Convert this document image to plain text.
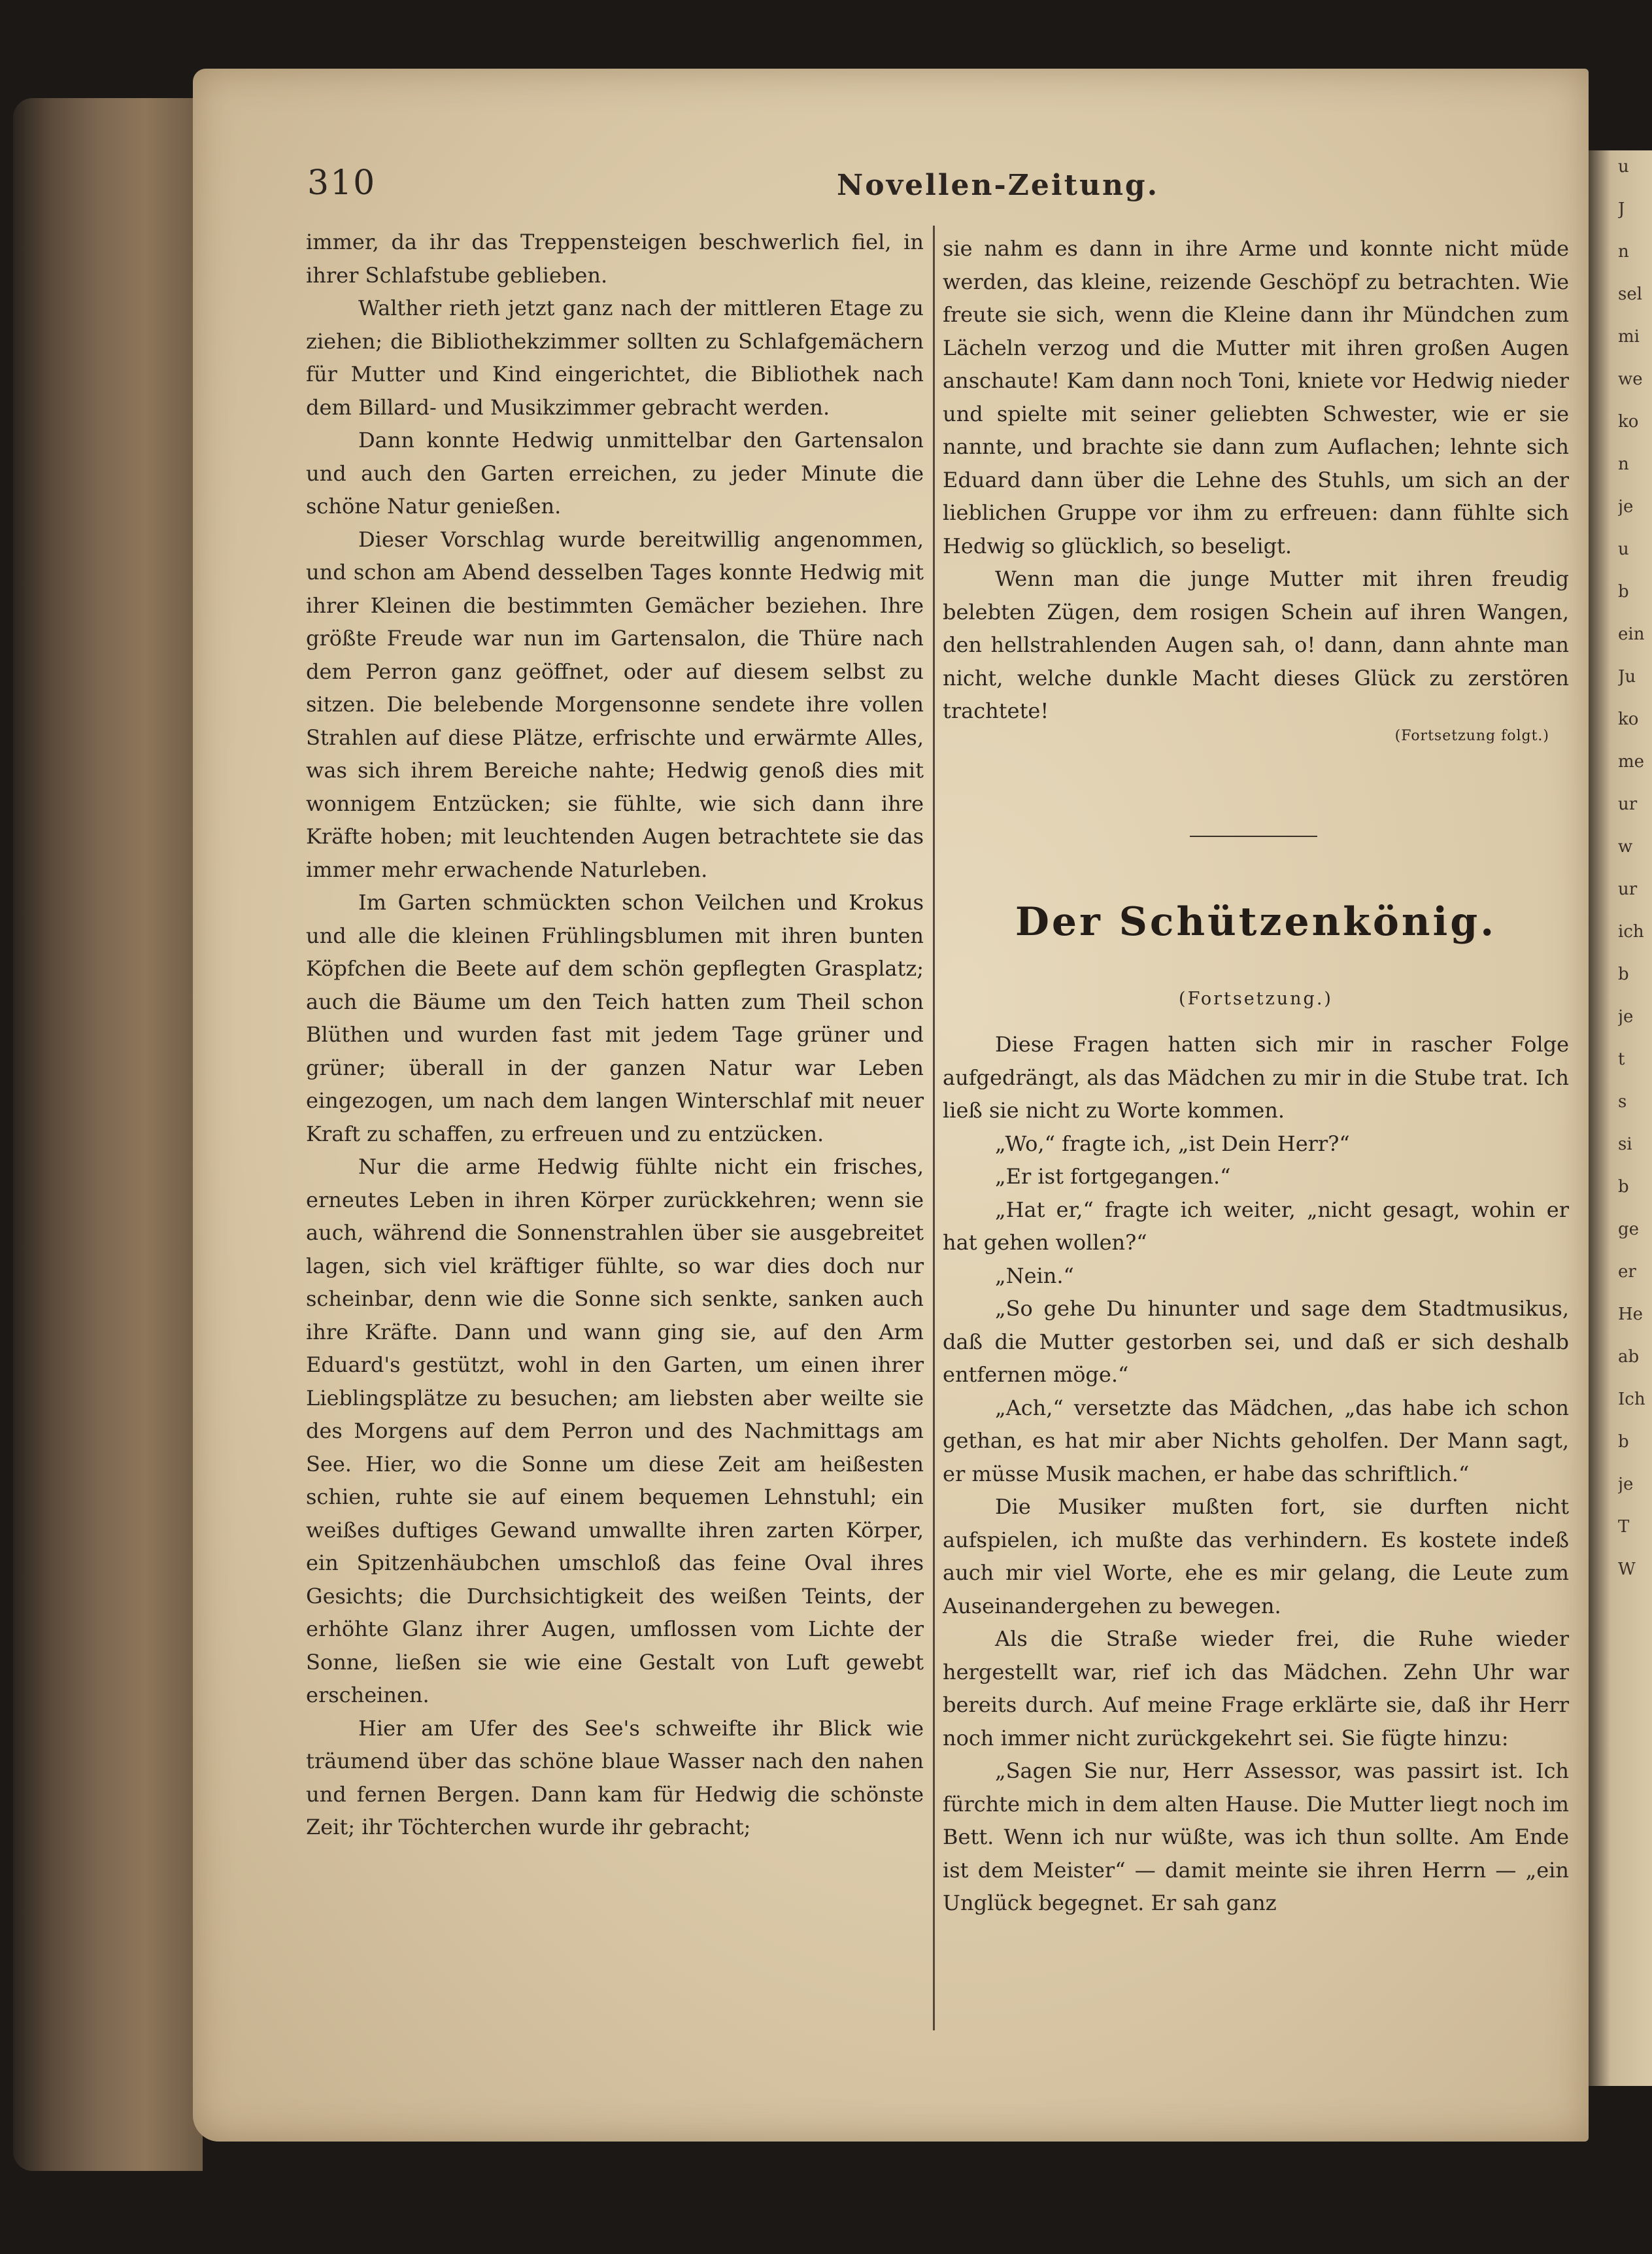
u
J
n
sel
mi
we
ko
n
je
u
b
ein
Ju
ko
me
ur
w
ur
ich
b
je
t
s
si
b
ge
er
He
ab
Ich
b
je
T
W
310	Novellen-Zeitung.

immer, da ihr das Treppensteigen beschwerlich fiel, in ihrer Schlafstube geblieben.

Walther rieth jetzt ganz nach der mittleren Etage zu ziehen; die Bibliothekzimmer sollten zu Schlafgemächern für Mutter und Kind eingerichtet, die Bibliothek nach dem Billard- und Musikzimmer gebracht werden.

Dann konnte Hedwig unmittelbar den Gartensalon und auch den Garten erreichen, zu jeder Minute die schöne Natur genießen.

Dieser Vorschlag wurde bereitwillig angenommen, und schon am Abend desselben Tages konnte Hedwig mit ihrer Kleinen die bestimmten Gemächer beziehen. Ihre größte Freude war nun im Gartensalon, die Thüre nach dem Perron ganz geöffnet, oder auf diesem selbst zu sitzen. Die belebende Morgensonne sendete ihre vollen Strahlen auf diese Plätze, erfrischte und erwärmte Alles, was sich ihrem Bereiche nahte; Hedwig genoß dies mit wonnigem Entzücken; sie fühlte, wie sich dann ihre Kräfte hoben; mit leuchtenden Augen betrachtete sie das immer mehr erwachende Naturleben.

Im Garten schmückten schon Veilchen und Krokus und alle die kleinen Frühlingsblumen mit ihren bunten Köpfchen die Beete auf dem schön gepflegten Grasplatz; auch die Bäume um den Teich hatten zum Theil schon Blüthen und wurden fast mit jedem Tage grüner und grüner; überall in der ganzen Natur war Leben eingezogen, um nach dem langen Winterschlaf mit neuer Kraft zu schaffen, zu erfreuen und zu entzücken.

Nur die arme Hedwig fühlte nicht ein frisches, erneutes Leben in ihren Körper zurückkehren; wenn sie auch, während die Sonnenstrahlen über sie ausgebreitet lagen, sich viel kräftiger fühlte, so war dies doch nur scheinbar, denn wie die Sonne sich senkte, sanken auch ihre Kräfte. Dann und wann ging sie, auf den Arm Eduard's gestützt, wohl in den Garten, um einen ihrer Lieblingsplätze zu besuchen; am liebsten aber weilte sie des Morgens auf dem Perron und des Nachmittags am See. Hier, wo die Sonne um diese Zeit am heißesten schien, ruhte sie auf einem bequemen Lehnstuhl; ein weißes duftiges Gewand umwallte ihren zarten Körper, ein Spitzenhäubchen umschloß das feine Oval ihres Gesichts; die Durchsichtigkeit des weißen Teints, der erhöhte Glanz ihrer Augen, umflossen vom Lichte der Sonne, ließen sie wie eine Gestalt von Luft gewebt erscheinen.

Hier am Ufer des See's schweifte ihr Blick wie träumend über das schöne blaue Wasser nach den nahen und fernen Bergen. Dann kam für Hedwig die schönste Zeit; ihr Töchterchen wurde ihr gebracht;

sie nahm es dann in ihre Arme und konnte nicht müde werden, das kleine, reizende Geschöpf zu betrachten. Wie freute sie sich, wenn die Kleine dann ihr Mündchen zum Lächeln verzog und die Mutter mit ihren großen Augen anschaute! Kam dann noch Toni, kniete vor Hedwig nieder und spielte mit seiner geliebten Schwester, wie er sie nannte, und brachte sie dann zum Auflachen; lehnte sich Eduard dann über die Lehne des Stuhls, um sich an der lieblichen Gruppe vor ihm zu erfreuen: dann fühlte sich Hedwig so glücklich, so beseligt.

Wenn man die junge Mutter mit ihren freudig belebten Zügen, dem rosigen Schein auf ihren Wangen, den hellstrahlenden Augen sah, o! dann, dann ahnte man nicht, welche dunkle Macht dieses Glück zu zerstören trachtete!

(Fortsetzung folgt.)
Der Schützenkönig.
(Fortsetzung.)

Diese Fragen hatten sich mir in rascher Folge aufgedrängt, als das Mädchen zu mir in die Stube trat. Ich ließ sie nicht zu Worte kommen.

„Wo,“ fragte ich, „ist Dein Herr?“

„Er ist fortgegangen.“

„Hat er,“ fragte ich weiter, „nicht gesagt, wohin er hat gehen wollen?“

„Nein.“

„So gehe Du hinunter und sage dem Stadtmusikus, daß die Mutter gestorben sei, und daß er sich deshalb entfernen möge.“

„Ach,“ versetzte das Mädchen, „das habe ich schon gethan, es hat mir aber Nichts geholfen. Der Mann sagt, er müsse Musik machen, er habe das schriftlich.“

Die Musiker mußten fort, sie durften nicht aufspielen, ich mußte das verhindern. Es kostete indeß auch mir viel Worte, ehe es mir gelang, die Leute zum Auseinandergehen zu bewegen.

Als die Straße wieder frei, die Ruhe wieder hergestellt war, rief ich das Mädchen. Zehn Uhr war bereits durch. Auf meine Frage erklärte sie, daß ihr Herr noch immer nicht zurückgekehrt sei. Sie fügte hinzu:

„Sagen Sie nur, Herr Assessor, was passirt ist. Ich fürchte mich in dem alten Hause. Die Mutter liegt noch im Bett. Wenn ich nur wüßte, was ich thun sollte. Am Ende ist dem Meister“ — damit meinte sie ihren Herrn — „ein Unglück begegnet. Er sah ganz
